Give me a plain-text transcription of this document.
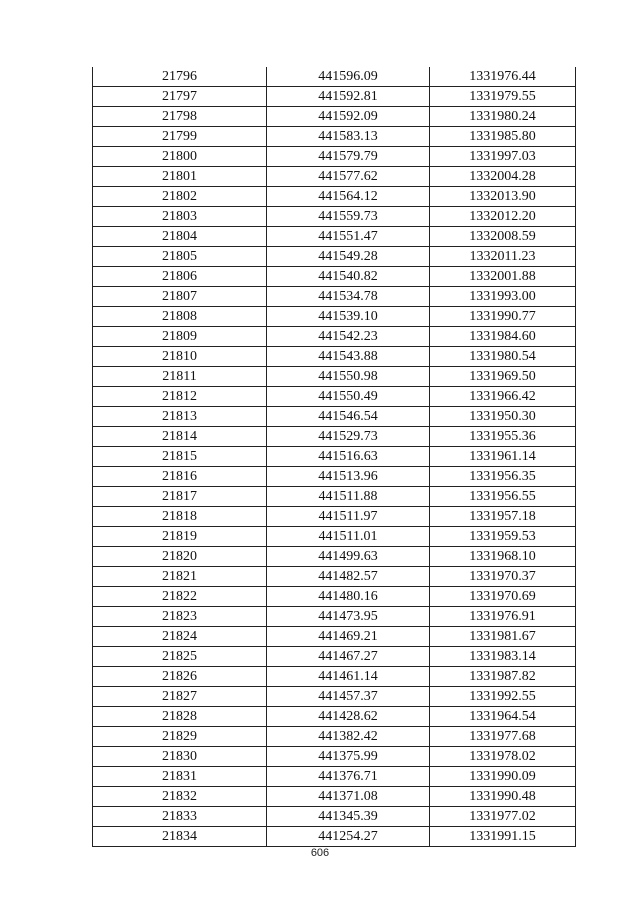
21796	441596.09	1331976.44
21797	441592.81	1331979.55
21798	441592.09	1331980.24
21799	441583.13	1331985.80
21800	441579.79	1331997.03
21801	441577.62	1332004.28
21802	441564.12	1332013.90
21803	441559.73	1332012.20
21804	441551.47	1332008.59
21805	441549.28	1332011.23
21806	441540.82	1332001.88
21807	441534.78	1331993.00
21808	441539.10	1331990.77
21809	441542.23	1331984.60
21810	441543.88	1331980.54
21811	441550.98	1331969.50
21812	441550.49	1331966.42
21813	441546.54	1331950.30
21814	441529.73	1331955.36
21815	441516.63	1331961.14
21816	441513.96	1331956.35
21817	441511.88	1331956.55
21818	441511.97	1331957.18
21819	441511.01	1331959.53
21820	441499.63	1331968.10
21821	441482.57	1331970.37
21822	441480.16	1331970.69
21823	441473.95	1331976.91
21824	441469.21	1331981.67
21825	441467.27	1331983.14
21826	441461.14	1331987.82
21827	441457.37	1331992.55
21828	441428.62	1331964.54
21829	441382.42	1331977.68
21830	441375.99	1331978.02
21831	441376.71	1331990.09
21832	441371.08	1331990.48
21833	441345.39	1331977.02
21834	441254.27	1331991.15
606
